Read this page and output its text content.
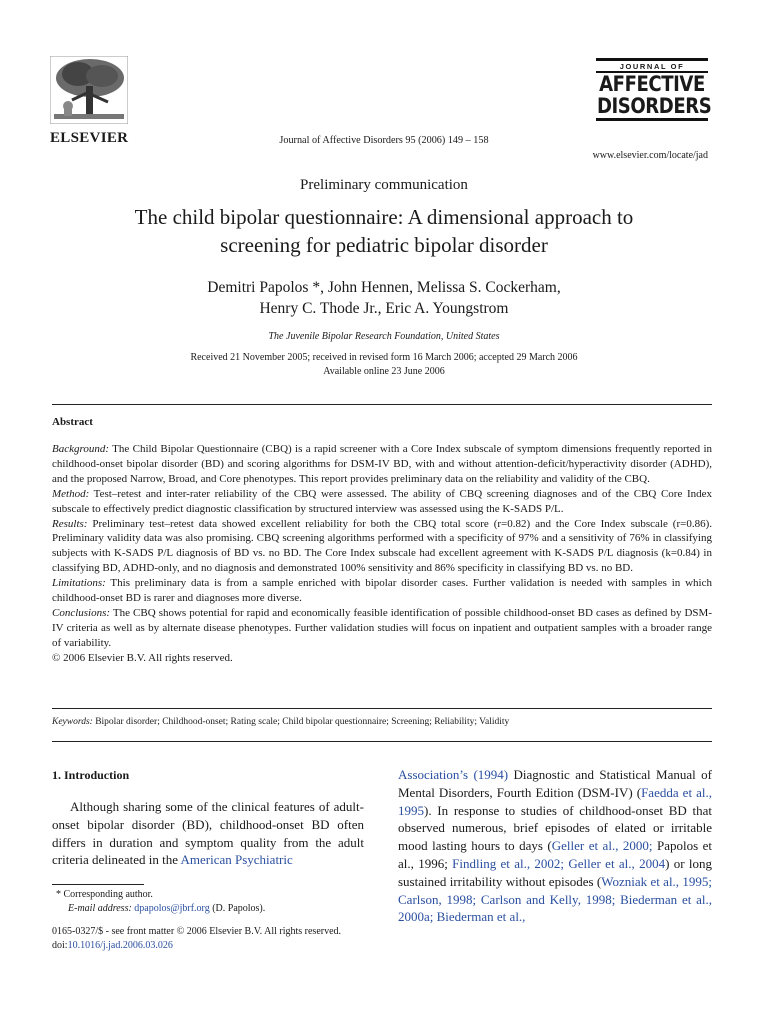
ELSEVIER	Journal of Affective Disorders 95 (2006) 149 – 158
JOURNAL OF
AFFECTIVE
DISORDERS
www.elsevier.com/locate/jad
Preliminary communication
The child bipolar questionnaire: A dimensional approach to
screening for pediatric bipolar disorder
Demitri Papolos *, John Hennen, Melissa S. Cockerham,
Henry C. Thode Jr., Eric A. Youngstrom
The Juvenile Bipolar Research Foundation, United States
Received 21 November 2005; received in revised form 16 March 2006; accepted 29 March 2006
Available online 23 June 2006
Abstract

Background: The Child Bipolar Questionnaire (CBQ) is a rapid screener with a Core Index subscale of symptom dimensions frequently reported in childhood-onset bipolar disorder (BD) and scoring algorithms for DSM-IV BD, with and without attention-deficit/hyperactivity disorder (ADHD), and the proposed Narrow, Broad, and Core phenotypes. This report provides preliminary data on the reliability and validity of the CBQ.

Method: Test–retest and inter-rater reliability of the CBQ were assessed. The ability of CBQ screening diagnoses and of the CBQ Core Index subscale to effectively predict diagnostic classification by structured interview was assessed using the K-SADS P/L.

Results: Preliminary test–retest data showed excellent reliability for both the CBQ total score (r=0.82) and the Core Index subscale (r=0.86). Preliminary validity data was also promising. CBQ screening algorithms performed with a specificity of 97% and a sensitivity of 76% in classifying subjects with K-SADS P/L diagnosis of BD vs. no BD. The Core Index subscale had excellent agreement with K-SADS P/L diagnosis (k=0.84) in classifying BD, ADHD-only, and no diagnosis and demonstrated 100% sensitivity and 86% specificity in classifying BD vs. no BD.

Limitations: This preliminary data is from a sample enriched with bipolar disorder cases. Further validation is needed with samples in which childhood-onset BD is rarer and diagnoses more diverse.

Conclusions: The CBQ shows potential for rapid and economically feasible identification of possible childhood-onset BD cases as defined by DSM-IV criteria as well as by alternate disease phenotypes. Further validation studies will focus on inpatient and outpatient samples with a broader range of variability.

© 2006 Elsevier B.V. All rights reserved.

Keywords: Bipolar disorder; Childhood-onset; Rating scale; Child bipolar questionnaire; Screening; Reliability; Validity
1. Introduction
Although sharing some of the clinical features of adult-onset bipolar disorder (BD), childhood-onset BD often differs in duration and symptom quality from the adult criteria delineated in the American Psychiatric
Association’s (1994) Diagnostic and Statistical Manual of Mental Disorders, Fourth Edition (DSM-IV) (Faedda et al., 1995). In response to studies of childhood-onset BD that observed numerous, brief episodes of elated or irritable mood lasting hours to days (Geller et al., 2000; Papolos et al., 1996; Findling et al., 2002; Geller et al., 2004) or long sustained irritability without episodes (Wozniak et al., 1995; Carlson, 1998; Carlson and Kelly, 1998; Biederman et al., 2000a; Biederman et al.,
* Corresponding author.
E-mail address: dpapolos@jbrf.org (D. Papolos).
0165-0327/$ - see front matter © 2006 Elsevier B.V. All rights reserved.
doi:10.1016/j.jad.2006.03.026
